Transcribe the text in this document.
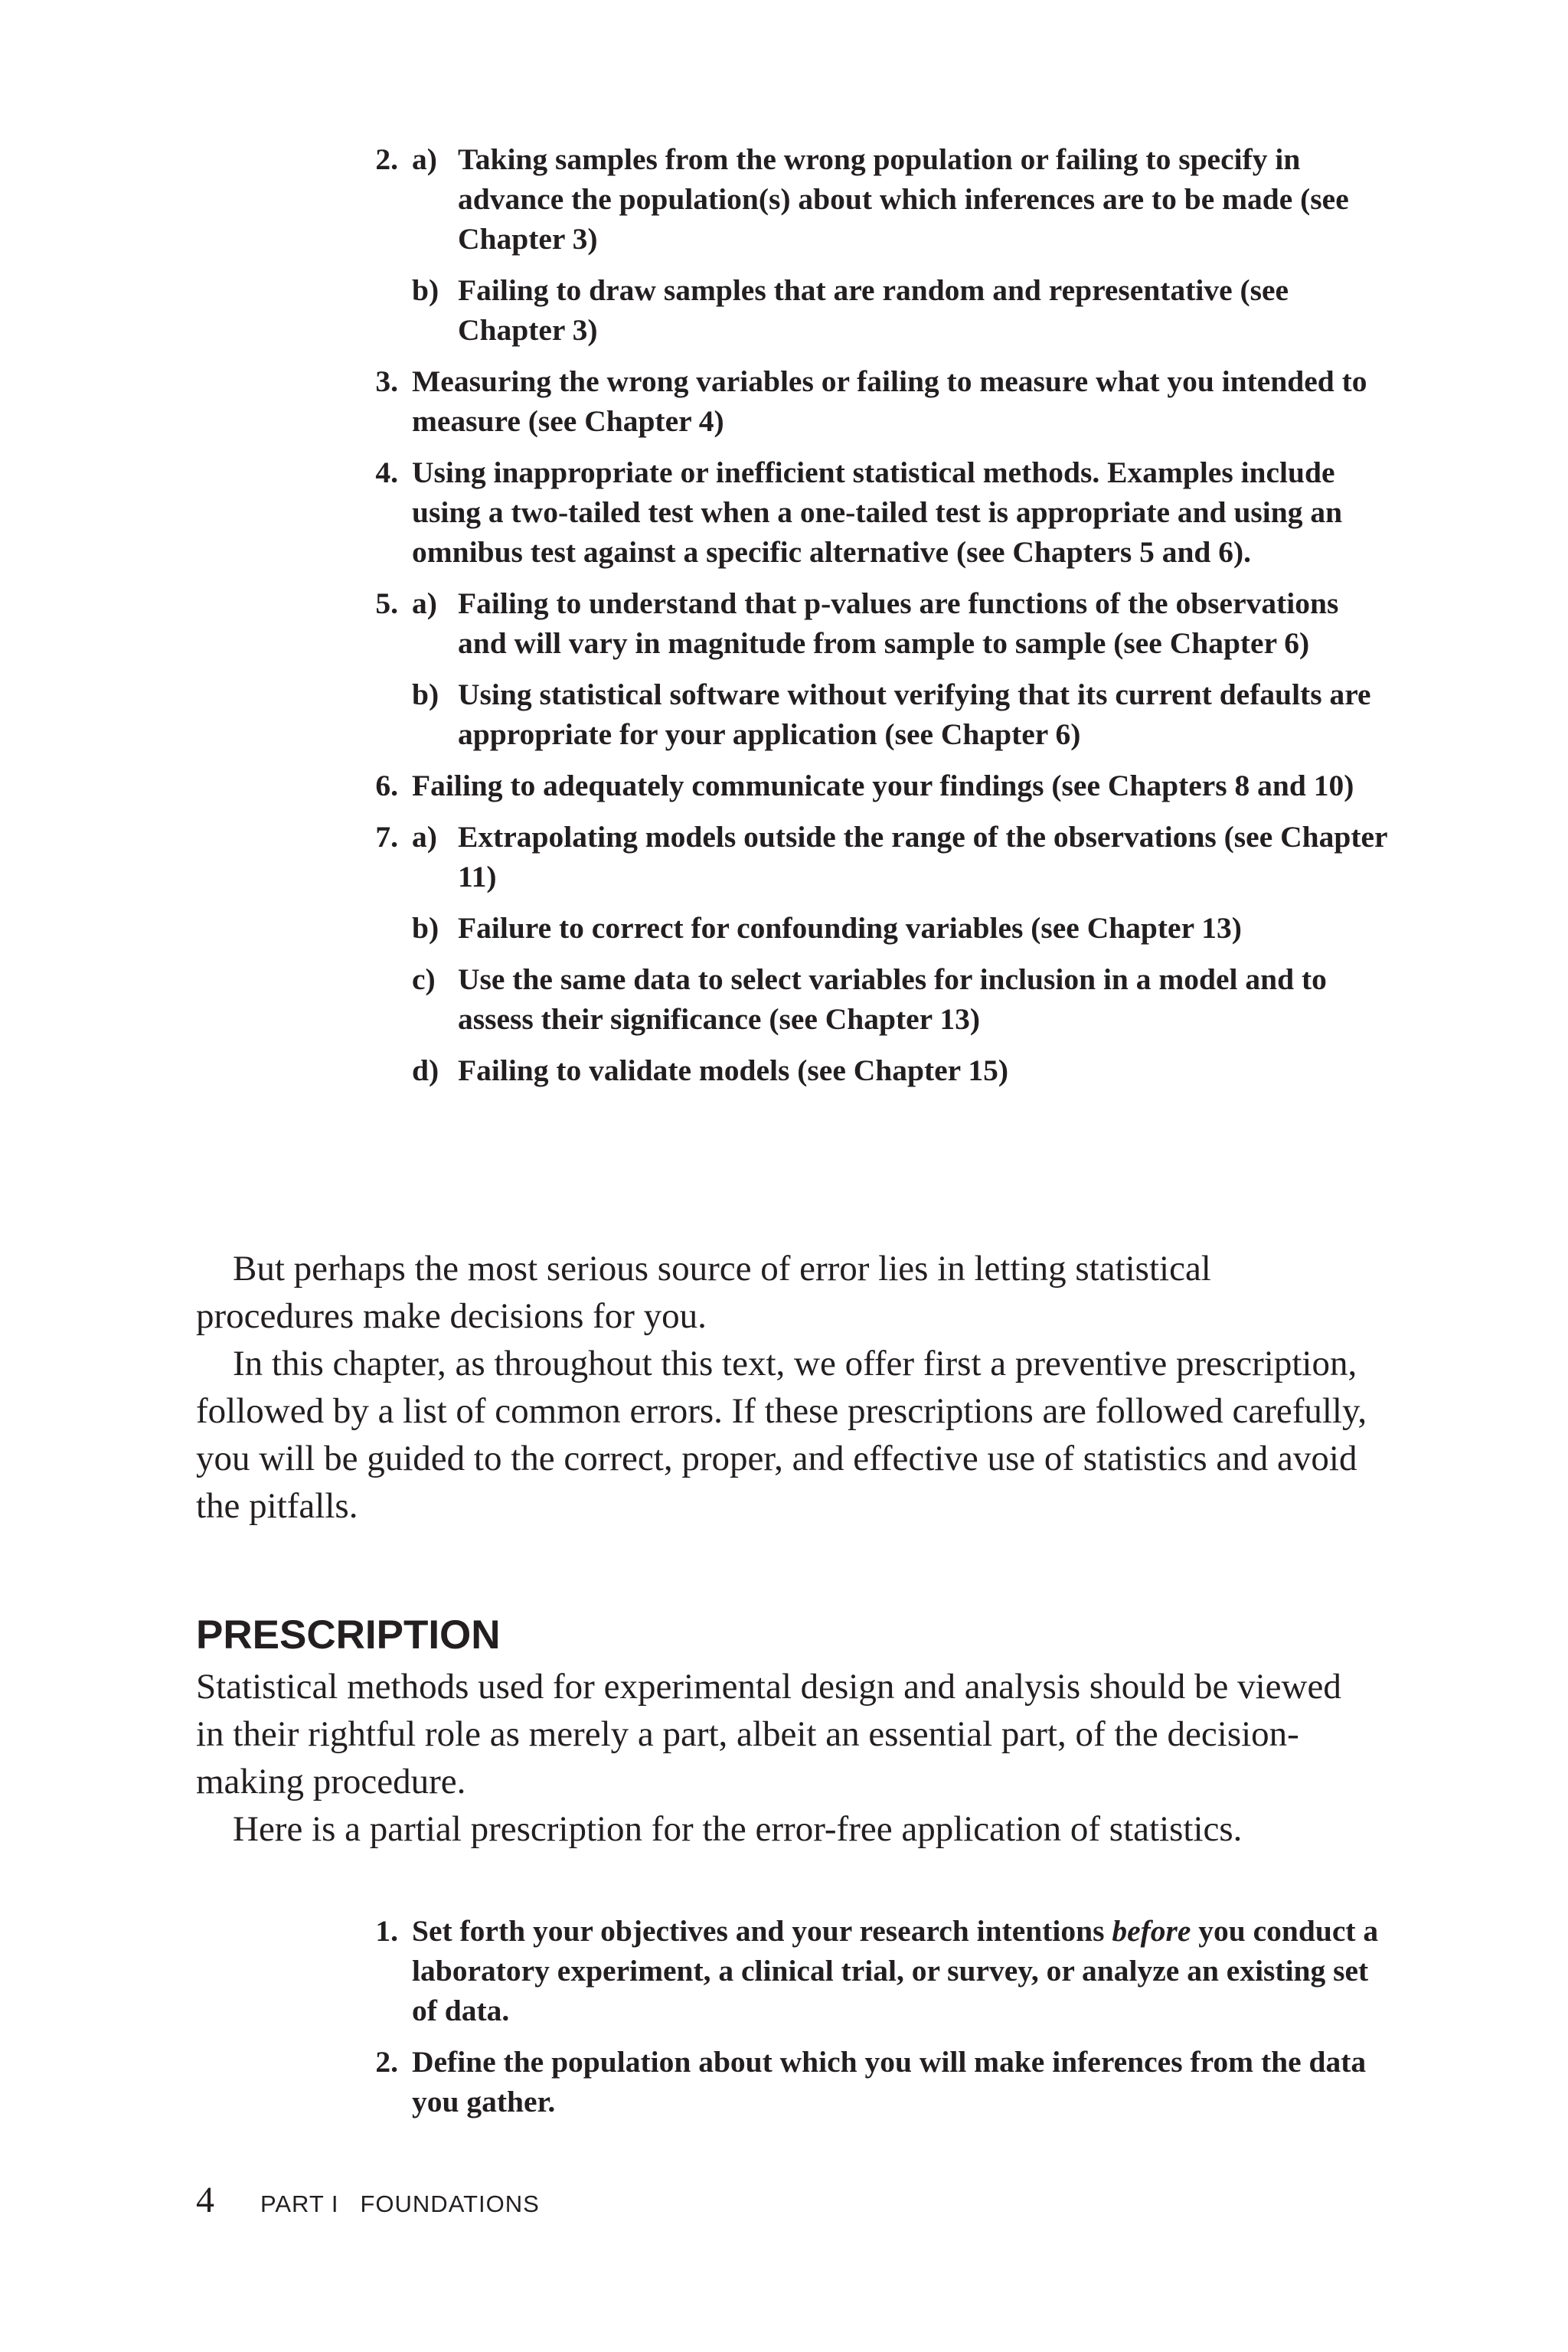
2. a) Taking samples from the wrong population or failing to specify in advance the population(s) about which inferences are to be made (see Chapter 3)
b) Failing to draw samples that are random and representative (see Chapter 3)
3. Measuring the wrong variables or failing to measure what you intended to measure (see Chapter 4)
4. Using inappropriate or inefficient statistical methods. Examples include using a two-tailed test when a one-tailed test is appropriate and using an omnibus test against a specific alternative (see Chapters 5 and 6).
5. a) Failing to understand that p-values are functions of the observations and will vary in magnitude from sample to sample (see Chapter 6)
b) Using statistical software without verifying that its current defaults are appropriate for your application (see Chapter 6)
6. Failing to adequately communicate your findings (see Chapters 8 and 10)
7. a) Extrapolating models outside the range of the observations (see Chapter 11)
b) Failure to correct for confounding variables (see Chapter 13)
c) Use the same data to select variables for inclusion in a model and to assess their significance (see Chapter 13)
d) Failing to validate models (see Chapter 15)

But perhaps the most serious source of error lies in letting statistical procedures make decisions for you.

In this chapter, as throughout this text, we offer first a preventive prescription, followed by a list of common errors. If these prescriptions are followed carefully, you will be guided to the correct, proper, and effective use of statistics and avoid the pitfalls.

PRESCRIPTION

Statistical methods used for experimental design and analysis should be viewed in their rightful role as merely a part, albeit an essential part, of the decision-making procedure.

Here is a partial prescription for the error-free application of statistics.

1. Set forth your objectives and your research intentions before you conduct a laboratory experiment, a clinical trial, or survey, or analyze an existing set of data.
2. Define the population about which you will make inferences from the data you gather.
4	PART I FOUNDATIONS
